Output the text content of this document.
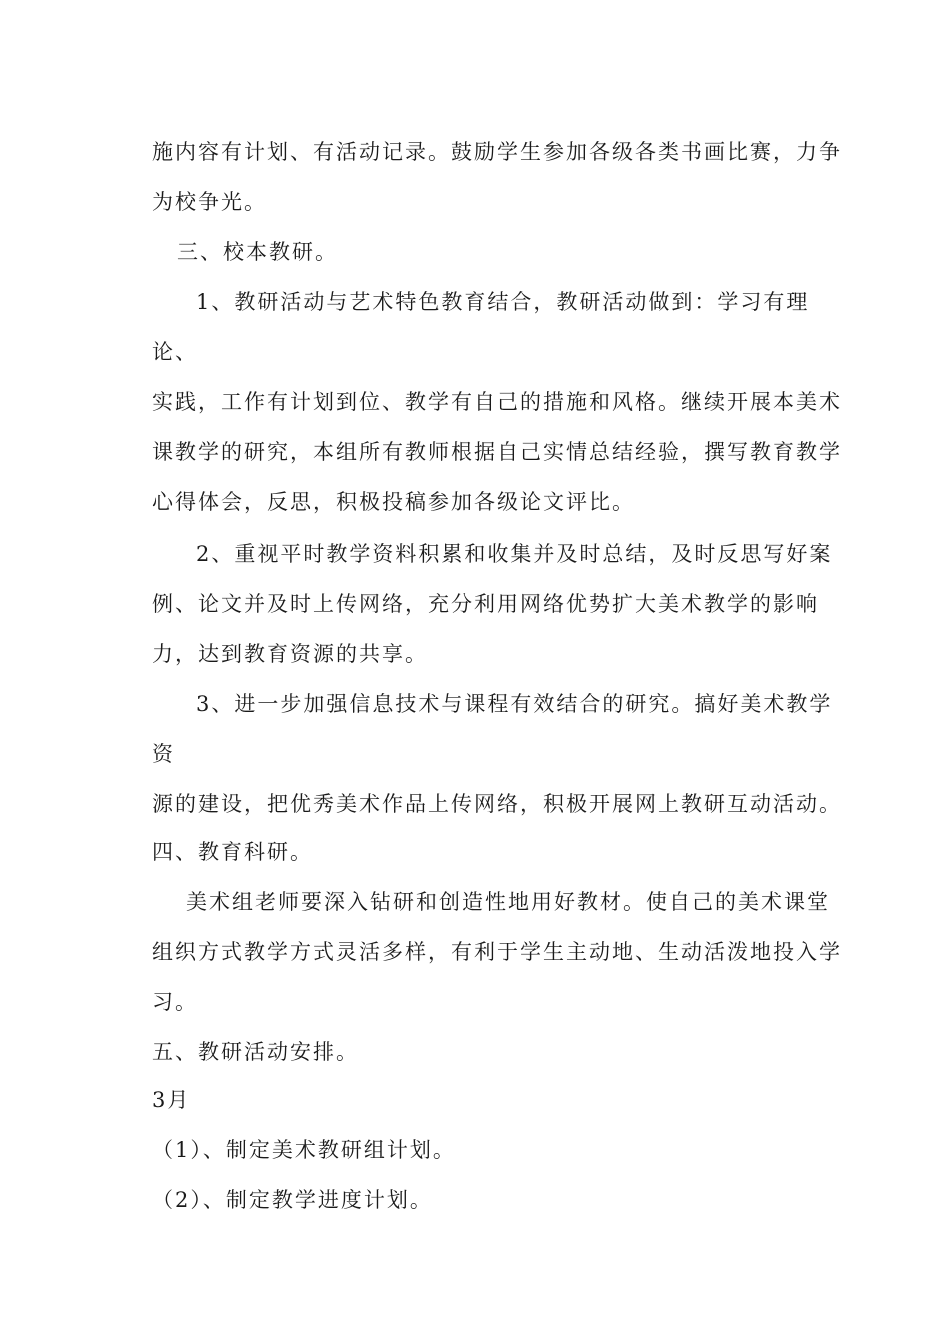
施内容有计划、有活动记录。鼓励学生参加各级各类书画比赛，力争
为校争光。
三、校本教研。
1、教研活动与艺术特色教育结合，教研活动做到：学习有理
论、
实践，工作有计划到位、教学有自己的措施和风格。继续开展本美术
课教学的研究，本组所有教师根据自己实情总结经验，撰写教育教学
心得体会，反思，积极投稿参加各级论文评比。
2、重视平时教学资料积累和收集并及时总结，及时反思写好案
例、论文并及时上传网络，充分利用网络优势扩大美术教学的影响
力，达到教育资源的共享。
3、进一步加强信息技术与课程有效结合的研究。搞好美术教学
资
源的建设，把优秀美术作品上传网络，积极开展网上教研互动活动。
四、教育科研。
美术组老师要深入钻研和创造性地用好教材。使自己的美术课堂
组织方式教学方式灵活多样，有利于学生主动地、生动活泼地投入学
习。
五、教研活动安排。
3月
（1）、制定美术教研组计划。
（2）、制定教学进度计划。
